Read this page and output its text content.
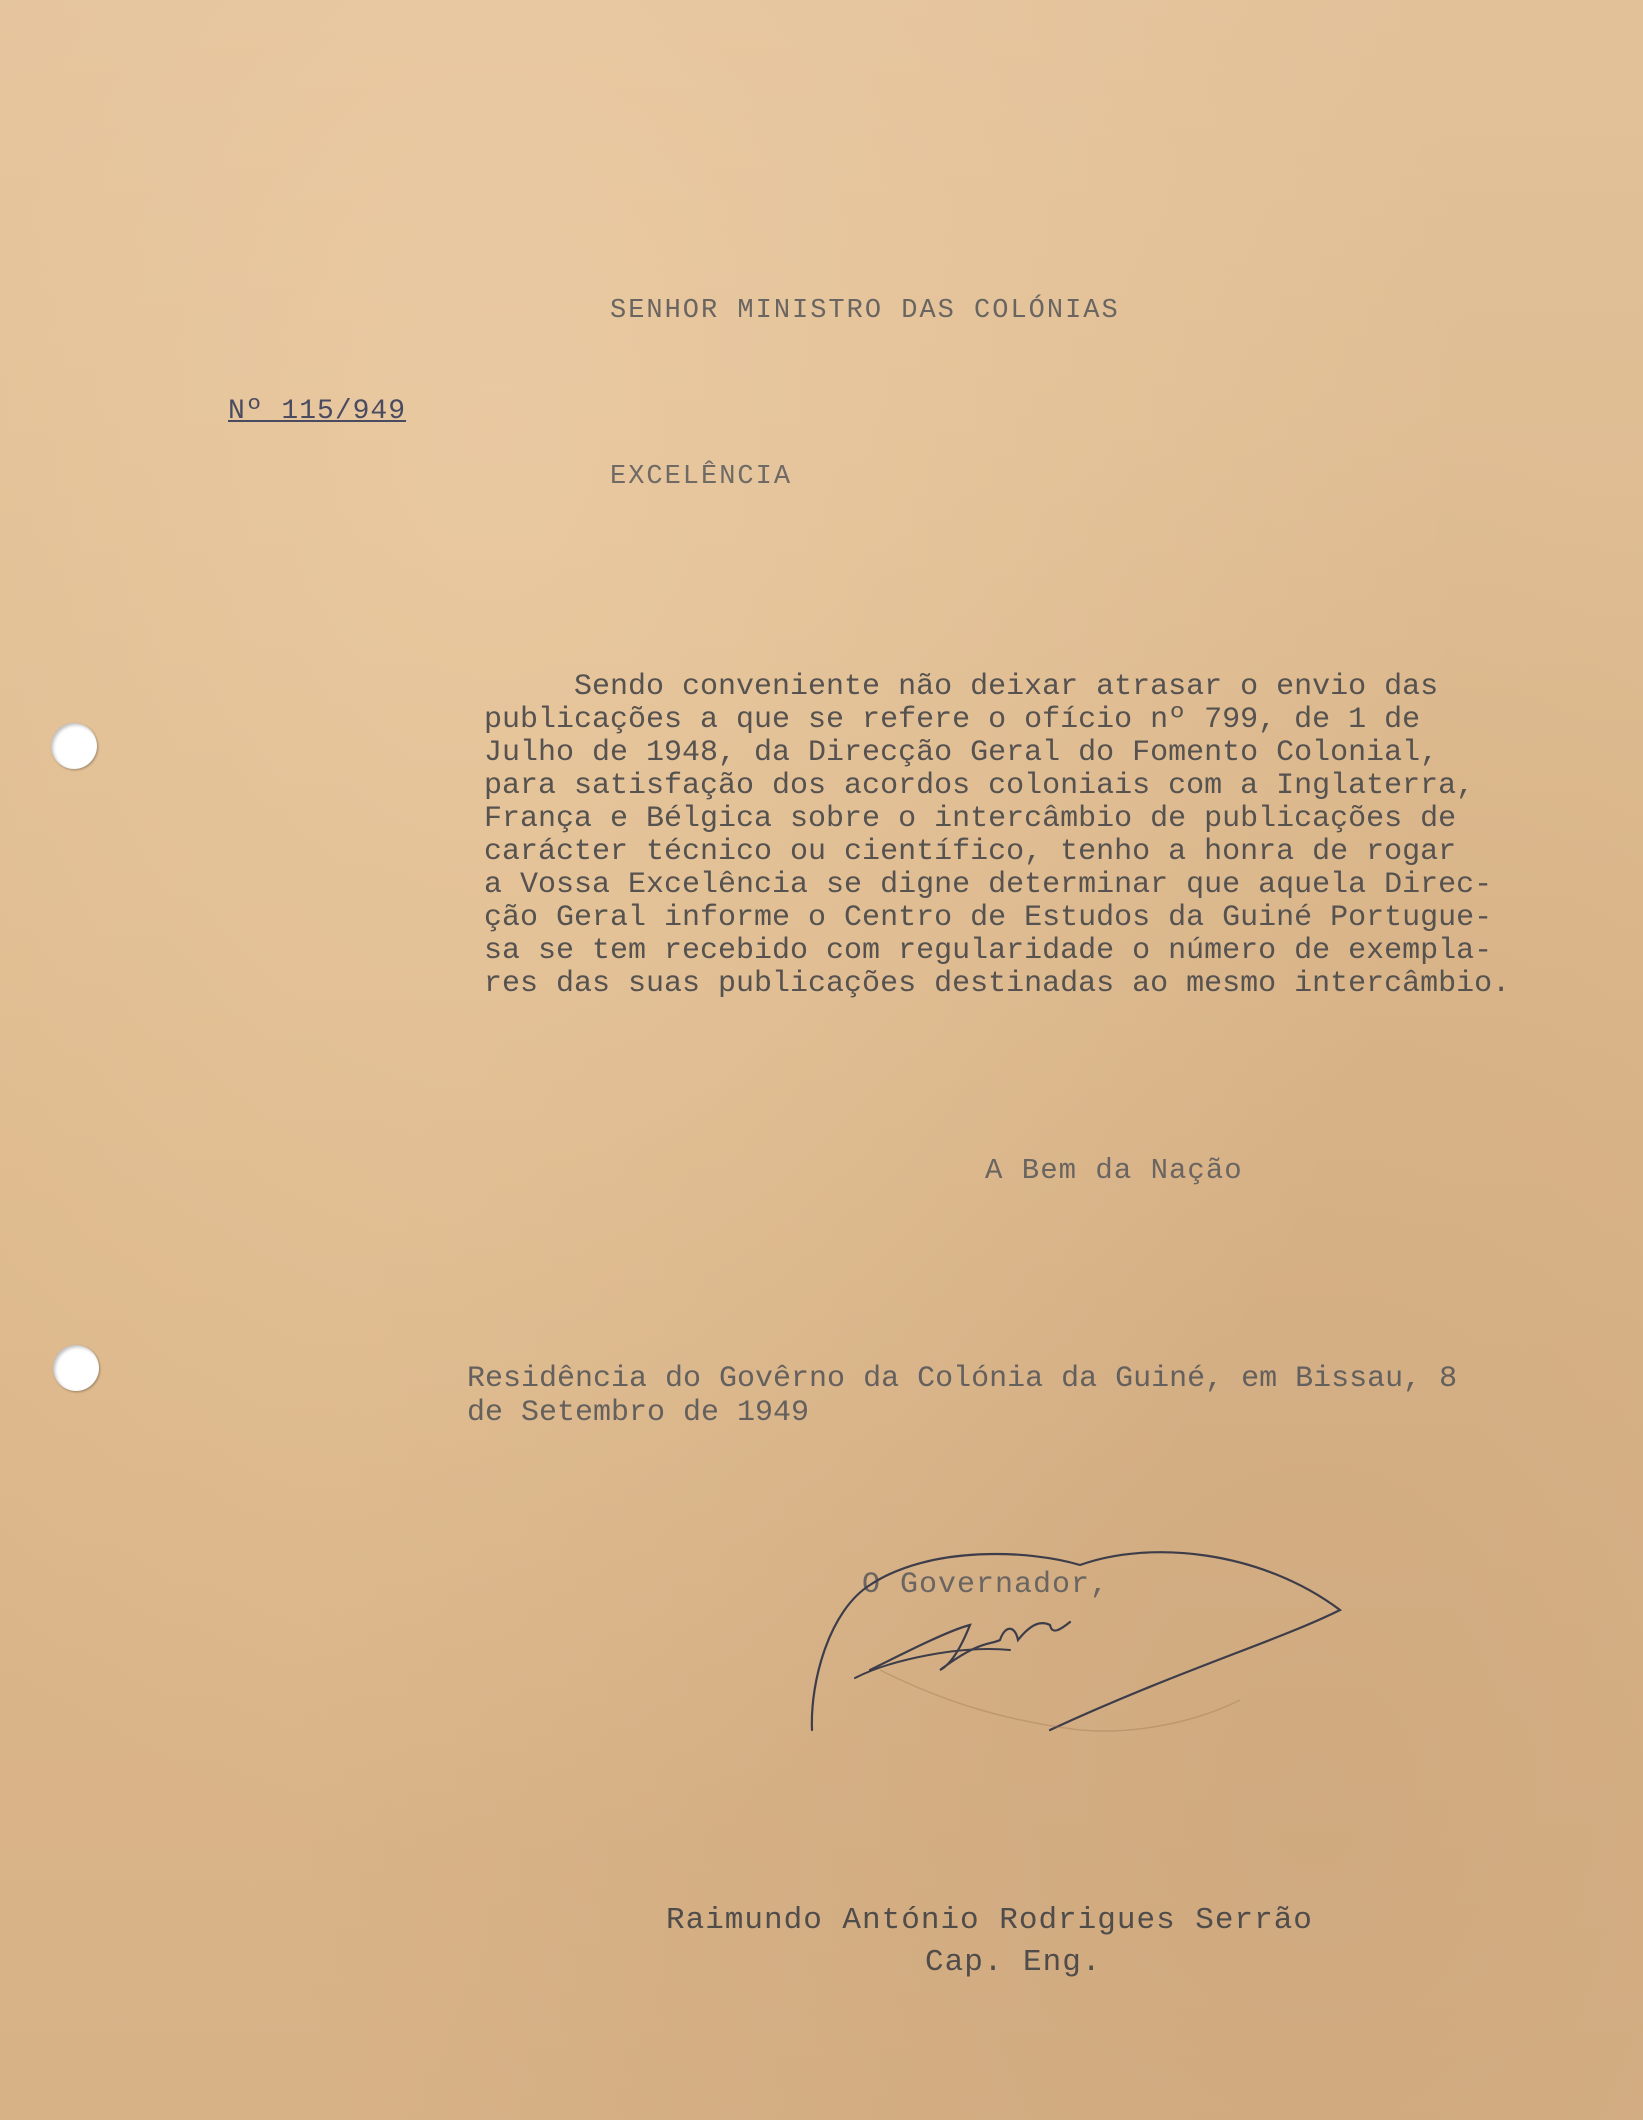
SENHOR MINISTRO DAS COLÓNIAS
Nº 115/949
EXCELÊNCIA
Sendo conveniente não deixar atrasar o envio das
publicações a que se refere o ofício nº 799, de 1 de
Julho de 1948, da Direcção Geral do Fomento Colonial,
para satisfação dos acordos coloniais com a Inglaterra,
França e Bélgica sobre o intercâmbio de publicações de
carácter técnico ou científico, tenho a honra de rogar
a Vossa Excelência se digne determinar que aquela Direc-
ção Geral informe o Centro de Estudos da Guiné Portugue-
sa se tem recebido com regularidade o número de exempla-
res das suas publicações destinadas ao mesmo intercâmbio.
A Bem da Nação
Residência do Govêrno da Colónia da Guiné, em Bissau, 8
de Setembro de 1949
O Governador,
Raimundo António Rodrigues Serrão
Cap. Eng.
